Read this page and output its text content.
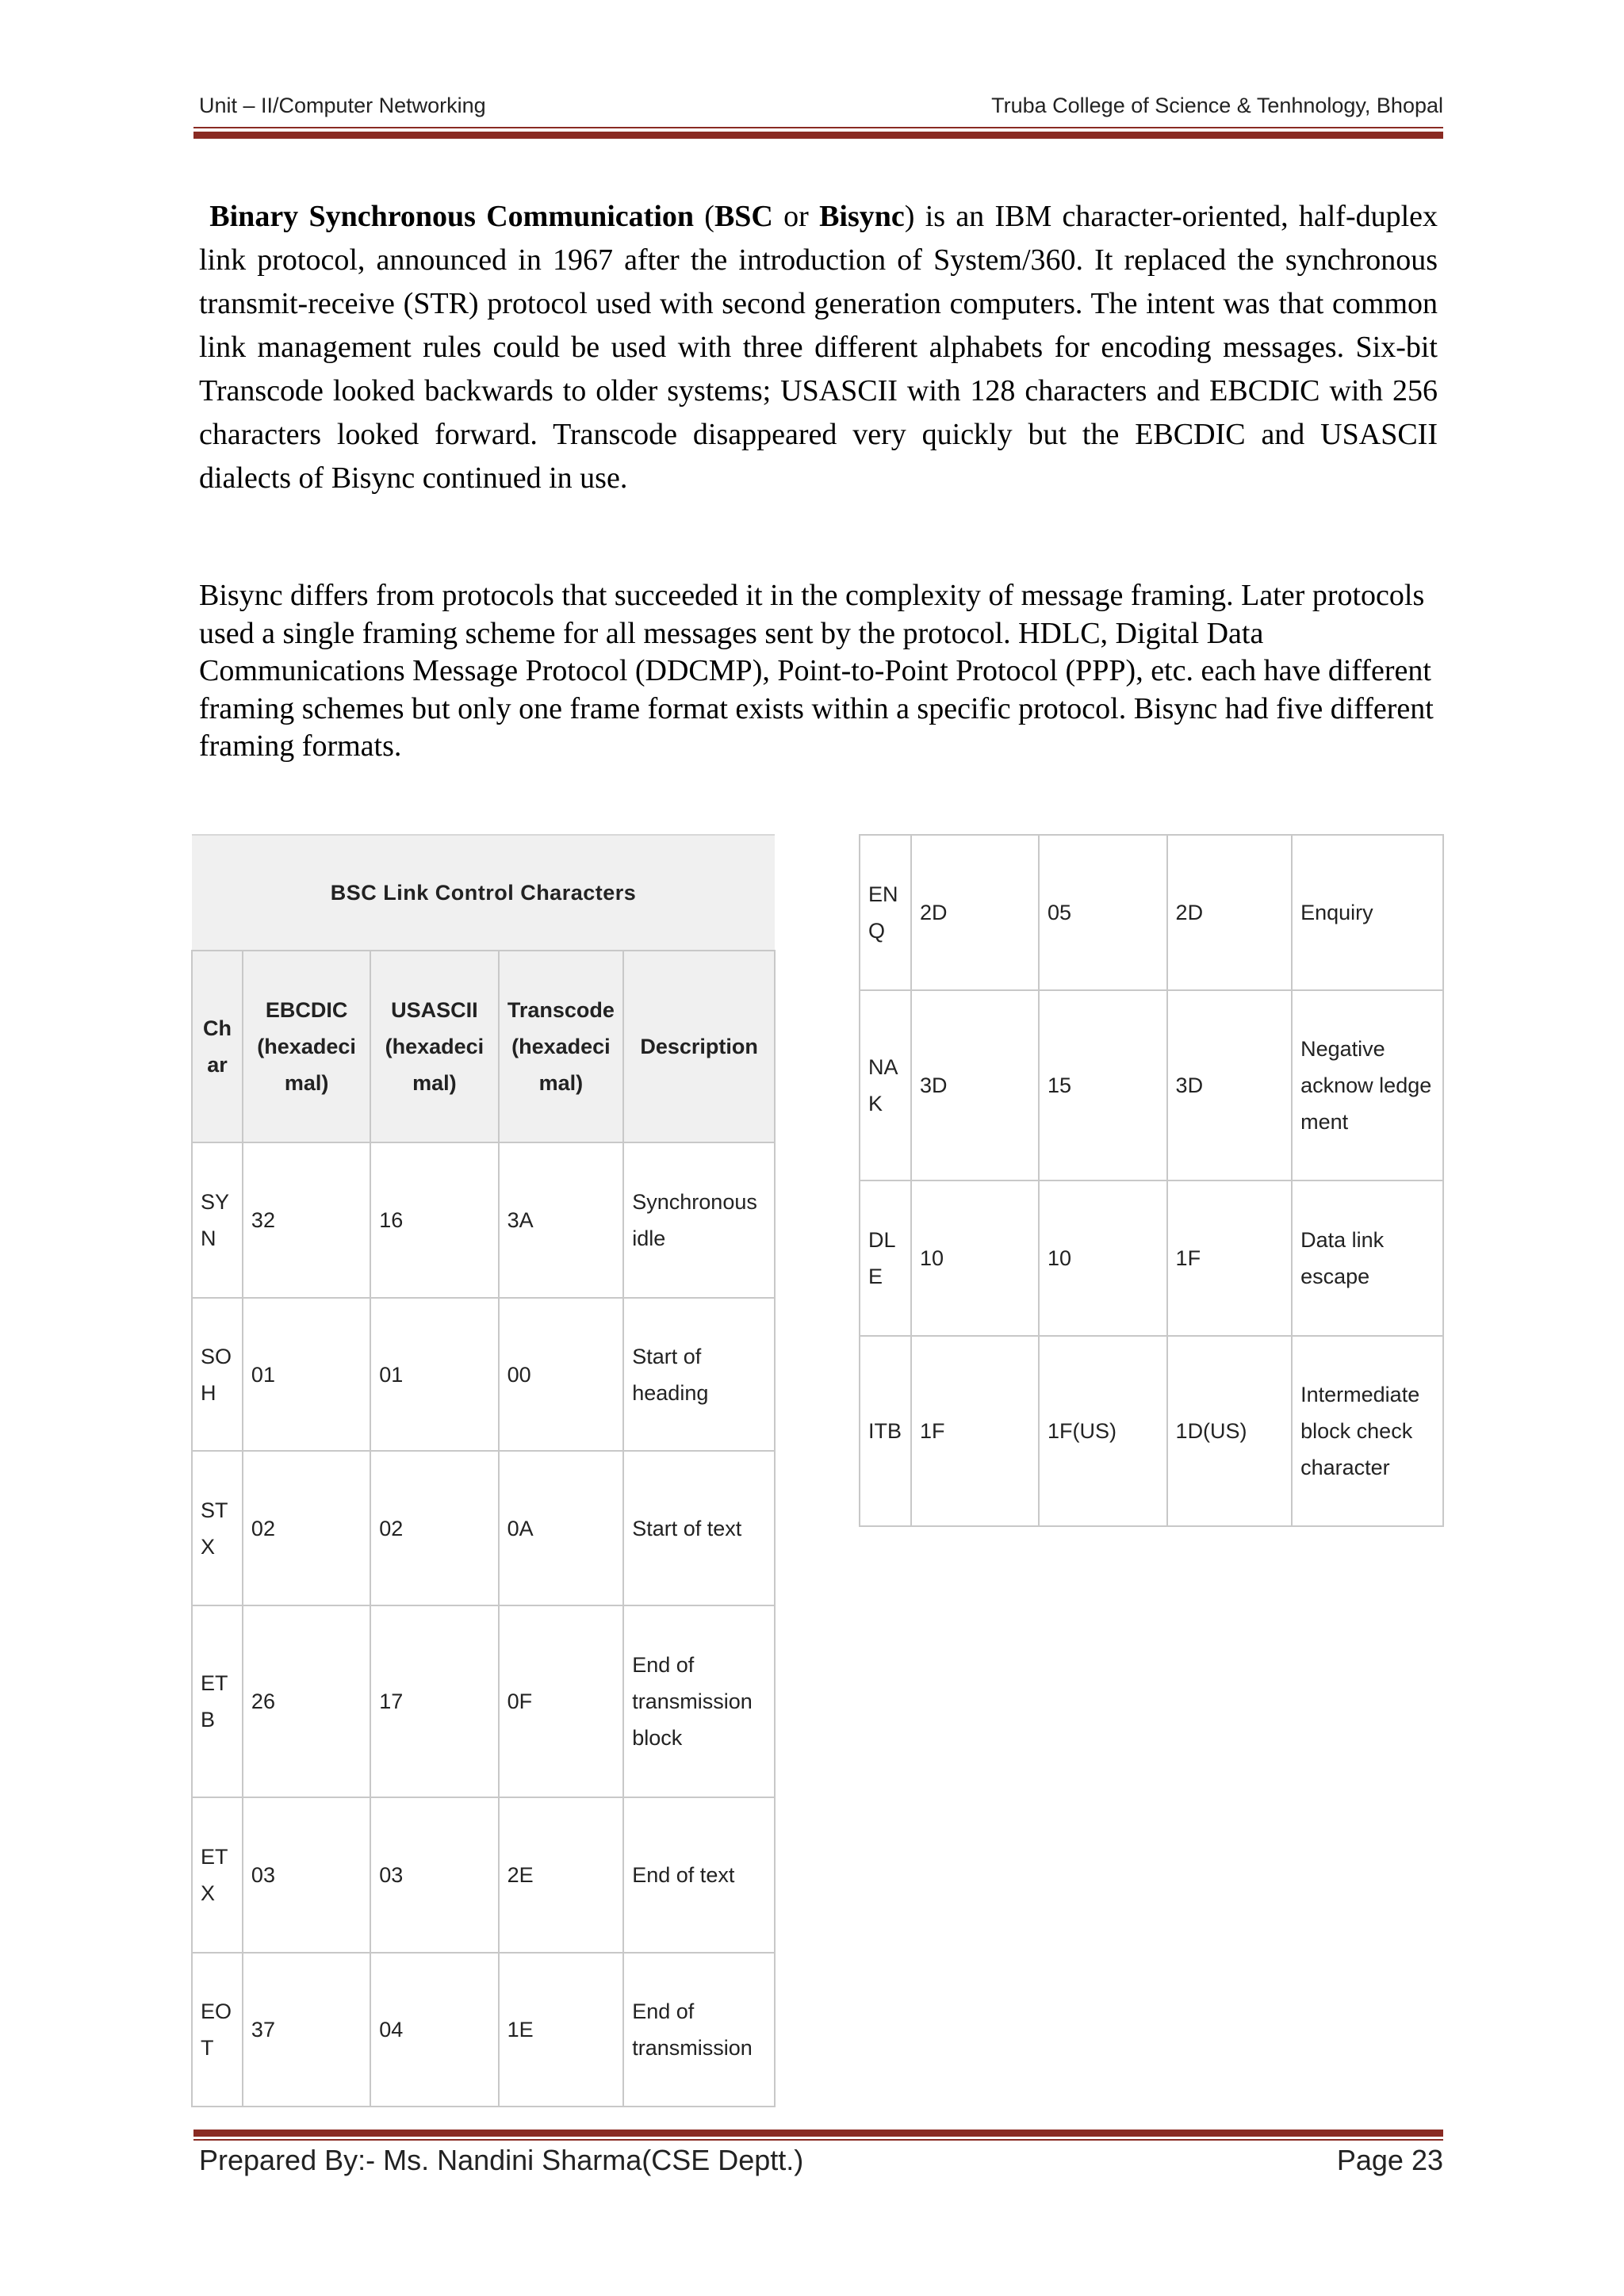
Unit – II/Computer Networking	Truba College of Science & Tenhnology, Bhopal
Binary Synchronous Communication (BSC or Bisync) is an IBM character-oriented, half-duplex link protocol, announced in 1967 after the introduction of System/360. It replaced the synchronous transmit-receive (STR) protocol used with second generation computers. The intent was that common link management rules could be used with three different alphabets for encoding messages. Six-bit Transcode looked backwards to older systems; USASCII with 128 characters and EBCDIC with 256 characters looked forward. Transcode disappeared very quickly but the EBCDIC and USASCII dialects of Bisync continued in use.
Bisync differs from protocols that succeeded it in the complexity of message framing. Later protocols used a single framing scheme for all messages sent by the protocol. HDLC, Digital Data Communications Message Protocol (DDCMP), Point-to-Point Protocol (PPP), etc. each have different framing schemes but only one frame format exists within a specific protocol. Bisync had five different framing formats.
BSC Link Control Characters				
Ch ar	EBCDIC (hexadeci mal)	USASCII (hexadeci mal)	Transcode (hexadeci mal)	Description
SY N	32	16	3A	Synchronous idle
SO H	01	01	00	Start of heading
ST X	02	02	0A	Start of text
ET B	26	17	0F	End of transmission block
ET X	03	03	2E	End of text
EO T	37	04	1E	End of transmission
EN Q	2D	05	2D	Enquiry
NA K	3D	15	3D	Negative acknow ledge ment
DL E	10	10	1F	Data link escape
ITB	1F	1F(US)	1D(US)	Intermediate block check character
Prepared By:- Ms. Nandini Sharma(CSE Deptt.)	Page 23
